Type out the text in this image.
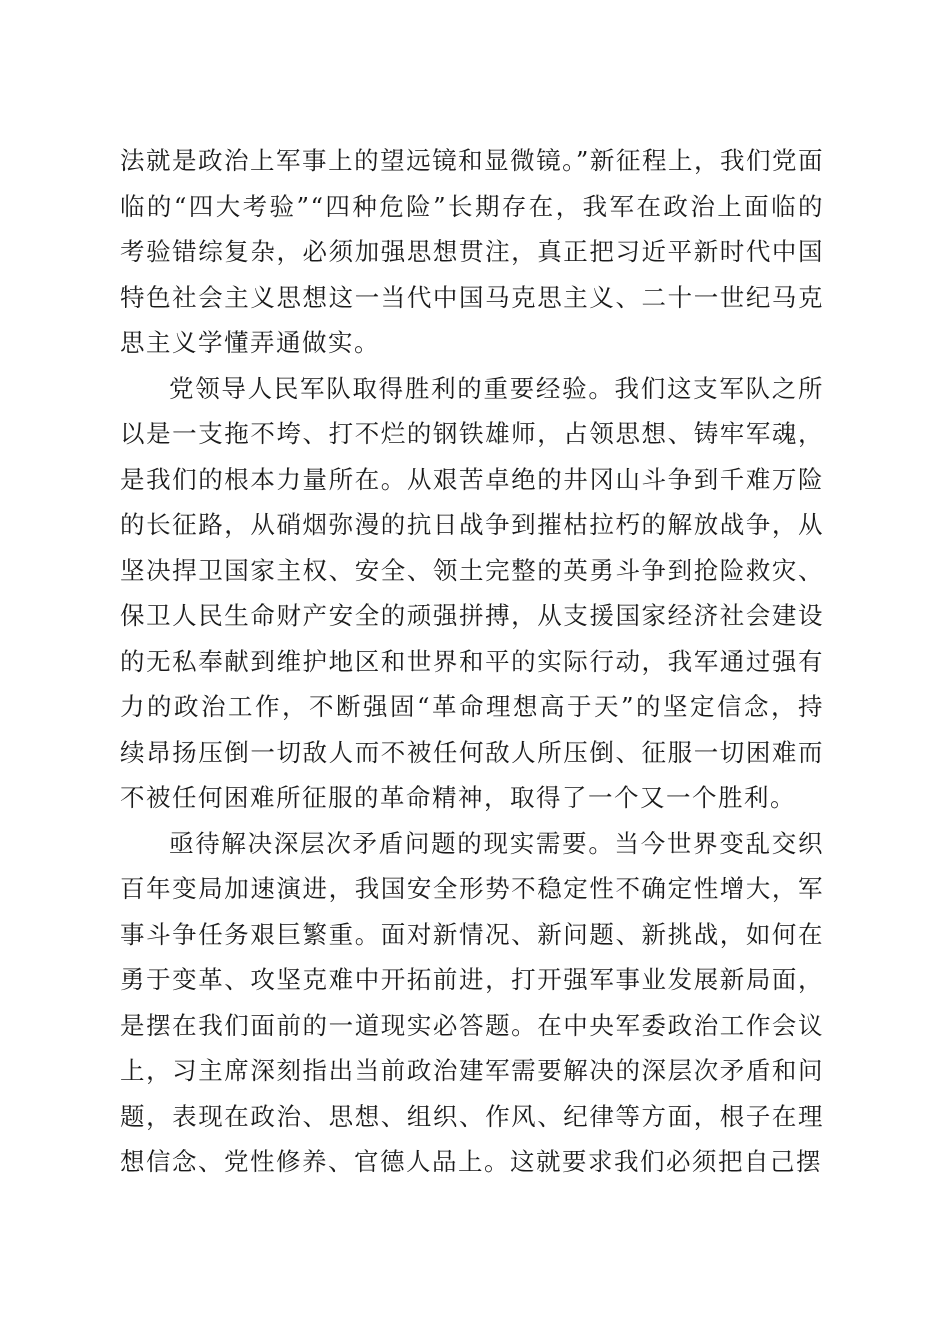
法就是政治上军事上的望远镜和显微镜。”新征程上，我们党面临的“四大考验”“四种危险”长期存在，我军在政治上面临的考验错综复杂，必须加强思想贯注，真正把习近平新时代中国特色社会主义思想这一当代中国马克思主义、二十一世纪马克思主义学懂弄通做实。

党领导人民军队取得胜利的重要经验。我们这支军队之所以是一支拖不垮、打不烂的钢铁雄师，占领思想、铸牢军魂，是我们的根本力量所在。从艰苦卓绝的井冈山斗争到千难万险的长征路，从硝烟弥漫的抗日战争到摧枯拉朽的解放战争，从坚决捍卫国家主权、安全、领土完整的英勇斗争到抢险救灾、保卫人民生命财产安全的顽强拼搏，从支援国家经济社会建设的无私奉献到维护地区和世界和平的实际行动，我军通过强有力的政治工作，不断强固“革命理想高于天”的坚定信念，持续昂扬压倒一切敌人而不被任何敌人所压倒、征服一切困难而不被任何困难所征服的革命精神，取得了一个又一个胜利。

亟待解决深层次矛盾问题的现实需要。当今世界变乱交织百年变局加速演进，我国安全形势不稳定性不确定性增大，军事斗争任务艰巨繁重。面对新情况、新问题、新挑战，如何在勇于变革、攻坚克难中开拓前进，打开强军事业发展新局面，是摆在我们面前的一道现实必答题。在中央军委政治工作会议上，习主席深刻指出当前政治建军需要解决的深层次矛盾和问题，表现在政治、思想、组织、作风、纪律等方面，根子在理想信念、党性修养、官德人品上。这就要求我们必须把自己摆
